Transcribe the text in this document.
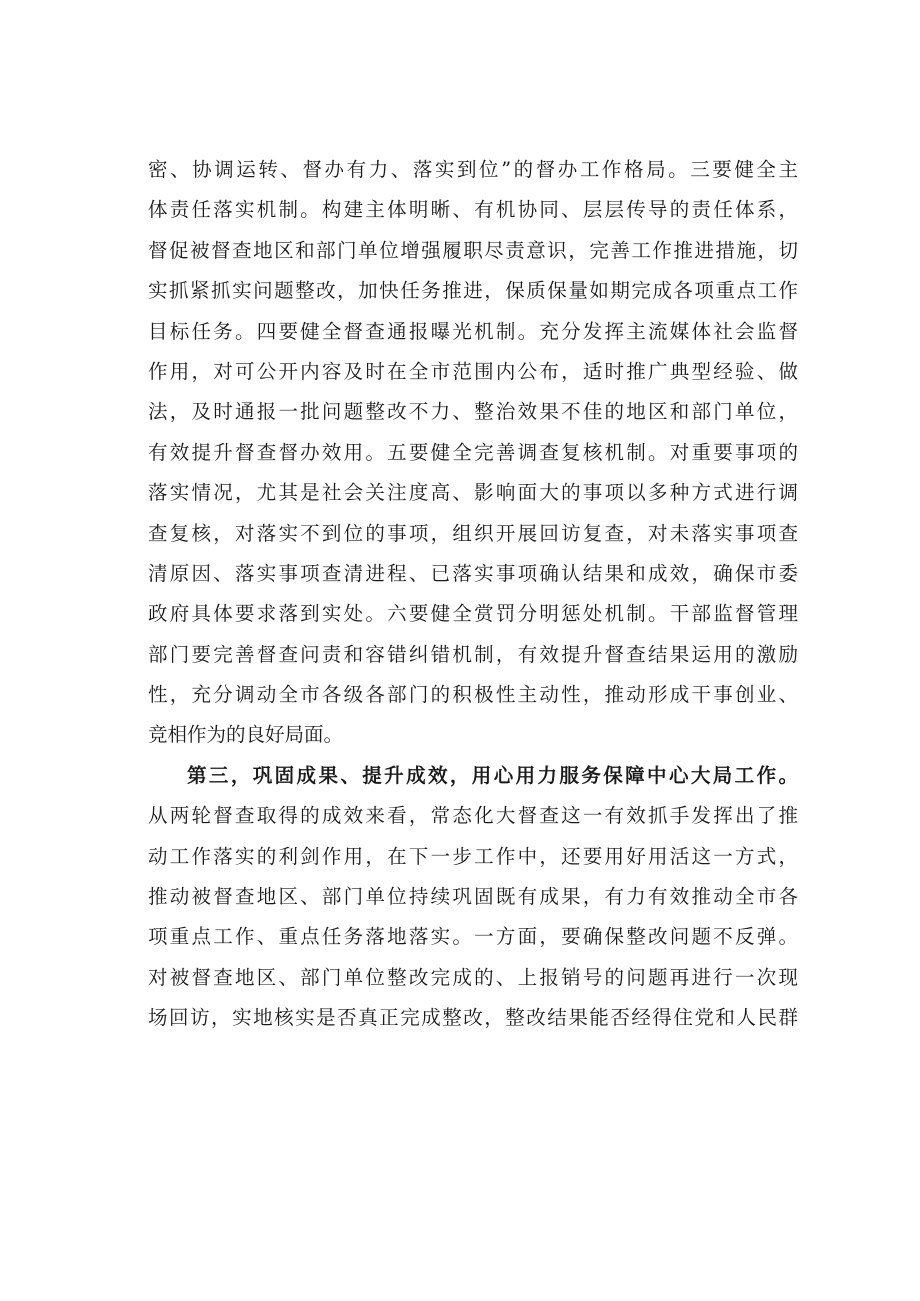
密、协调运转、督办有力、落实到位”的督办工作格局。三要健全主
体责任落实机制。构建主体明晰、有机协同、层层传导的责任体系，
督促被督查地区和部门单位增强履职尽责意识，完善工作推进措施，切
实抓紧抓实问题整改，加快任务推进，保质保量如期完成各项重点工作
目标任务。四要健全督查通报曝光机制。充分发挥主流媒体社会监督
作用，对可公开内容及时在全市范围内公布，适时推广典型经验、做
法，及时通报一批问题整改不力、整治效果不佳的地区和部门单位，
有效提升督查督办效用。五要健全完善调查复核机制。对重要事项的
落实情况，尤其是社会关注度高、影响面大的事项以多种方式进行调
查复核，对落实不到位的事项，组织开展回访复查，对未落实事项查
清原因、落实事项查清进程、已落实事项确认结果和成效，确保市委
政府具体要求落到实处。六要健全赏罚分明惩处机制。干部监督管理
部门要完善督查问责和容错纠错机制，有效提升督查结果运用的激励
性，充分调动全市各级各部门的积极性主动性，推动形成干事创业、
竞相作为的良好局面。
第三，巩固成果、提升成效，用心用力服务保障中心大局工作。
从两轮督查取得的成效来看，常态化大督查这一有效抓手发挥出了推
动工作落实的利剑作用，在下一步工作中，还要用好用活这一方式，
推动被督查地区、部门单位持续巩固既有成果，有力有效推动全市各
项重点工作、重点任务落地落实。一方面，要确保整改问题不反弹。
对被督查地区、部门单位整改完成的、上报销号的问题再进行一次现
场回访，实地核实是否真正完成整改，整改结果能否经得住党和人民群
